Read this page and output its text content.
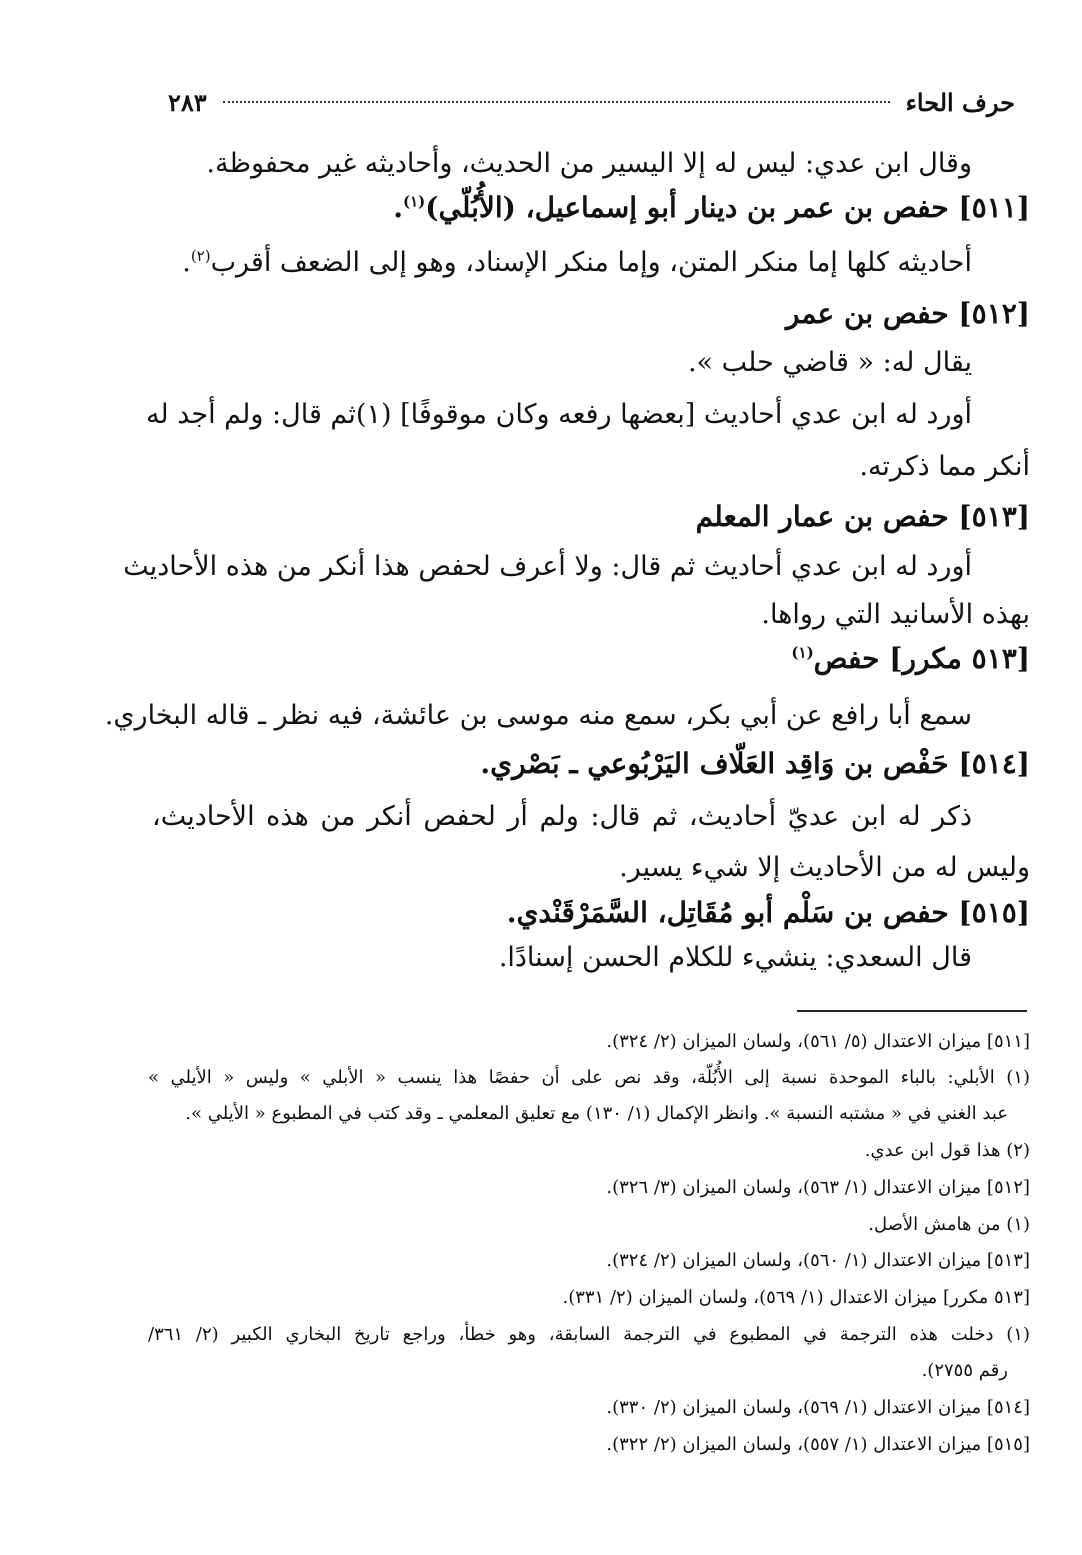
حرف الحاء
٢٨٣
وقال ابن عدي: ليس له إلا اليسير من الحديث، وأحاديثه غير محفوظة.
[٥١١] حفص بن عمر بن دينار أبو إسماعيل، (الأُبُلّي)$^{(١)}$.
أحاديثه كلها إما منكر المتن، وإما منكر الإسناد، وهو إلى الضعف أقرب$^{(٢)}$.
[٥١٢] حفص بن عمر
يقال له: « قاضي حلب ».
أورد له ابن عدي أحاديث [بعضها رفعه وكان موقوفًا] (١)ثم قال: ولم أجد له
أنكر مما ذكرته.
[٥١٣] حفص بن عمار المعلم
أورد له ابن عدي أحاديث ثم قال: ولا أعرف لحفص هذا أنكر من هذه الأحاديث
بهذه الأسانيد التي رواها.
[٥١٣ مكرر] حفص$^{(١)}$
سمع أبا رافع عن أبي بكر، سمع منه موسى بن عائشة، فيه نظر ـ قاله البخاري.
[٥١٤] حَفْص بن وَاقِد العَلّاف اليَرْبُوعي ـ بَصْري.
ذكر له ابن عديّ أحاديث، ثم قال: ولم أر لحفص أنكر من هذه الأحاديث،
وليس له من الأحاديث إلا شيء يسير.
[٥١٥] حفص بن سَلْم أبو مُقَاتِل، السَّمَرْقَنْدي.
قال السعدي: ينشيء للكلام الحسن إسنادًا.
[٥١١] ميزان الاعتدال (٥/ ٥٦١)، ولسان الميزان (٢/ ٣٢٤).
(١) الأبلي: بالباء الموحدة نسبة إلى الأُبُلّة، وقد نص على أن حفصًا هذا ينسب « الأبلي » وليس « الأيلي »
عبد الغني في « مشتبه النسبة ». وانظر الإكمال (١/ ١٣٠) مع تعليق المعلمي ـ وقد كتب في المطبوع « الأيلي ».
(٢) هذا قول ابن عدي.
[٥١٢] ميزان الاعتدال (١/ ٥٦٣)، ولسان الميزان (٣/ ٣٢٦).
(١) من هامش الأصل.
[٥١٣] ميزان الاعتدال (١/ ٥٦٠)، ولسان الميزان (٢/ ٣٢٤).
[٥١٣ مكرر] ميزان الاعتدال (١/ ٥٦٩)، ولسان الميزان (٢/ ٣٣١).
(١) دخلت هذه الترجمة في المطبوع في الترجمة السابقة، وهو خطأ، وراجع تاريخ البخاري الكبير (٢/ ٣٦١/
رقم ٢٧٥٥).
[٥١٤] ميزان الاعتدال (١/ ٥٦٩)، ولسان الميزان (٢/ ٣٣٠).
[٥١٥] ميزان الاعتدال (١/ ٥٥٧)، ولسان الميزان (٢/ ٣٢٢).
